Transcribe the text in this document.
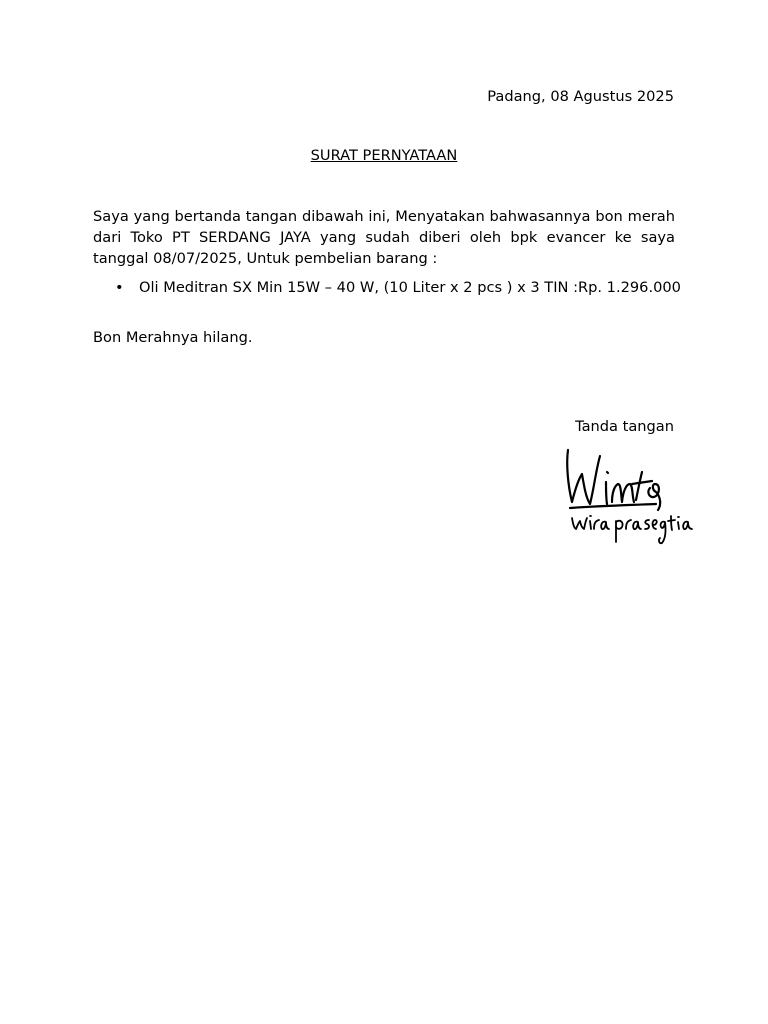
Padang, 08 Agustus 2025
SURAT PERNYATAAN
Saya yang bertanda tangan dibawah ini, Menyatakan bahwasannya bon merah dari Toko PT SERDANG JAYA yang sudah diberi oleh bpk evancer ke saya tanggal 08/07/2025, Untuk pembelian barang :
• Oli Meditran SX Min 15W – 40 W, (10 Liter x 2 pcs ) x 3 TIN :Rp. 1.296.000
Bon Merahnya hilang.
Tanda tangan
